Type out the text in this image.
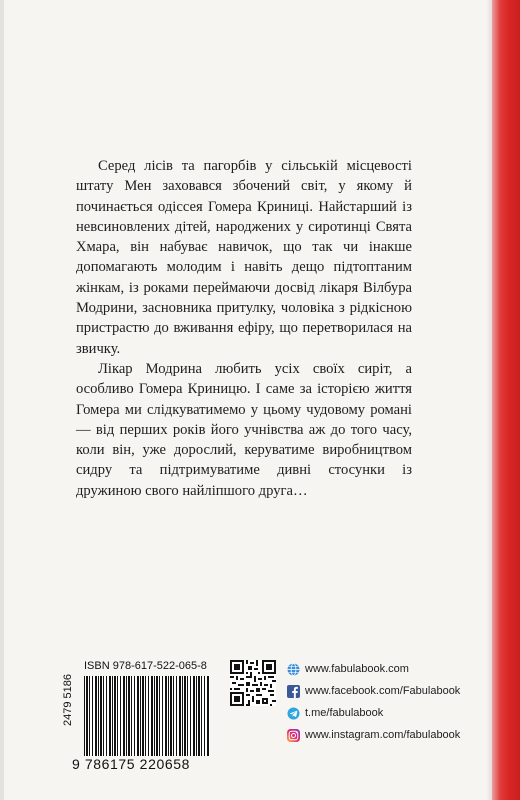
Серед лісів та пагорбів у сільській місцевості штату Мен заховався збочений світ, у якому й починається одіссея Гомера Криниці. Найстарший із невсиновлених дітей, народжених у сиротинці Свята Хмара, він набуває навичок, що так чи інакше допомагають молодим і навіть дещо підтоптаним жінкам, із роками переймаючи досвід лікаря Вілбура Модрини, засновника притулку, чоловіка з рідкісною пристрастю до вживання ефіру, що перетворилася на звичку.

Лікар Модрина любить усіх своїх сиріт, а особливо Гомера Криницю. І саме за історією життя Гомера ми слідкуватимемо у цьому чудовому романі — від перших років його учнівства аж до того часу, коли він, уже дорослий, керуватиме виробництвом сидру та підтримуватиме дивні стосунки із дружиною свого найліпшого друга…

2479 5186
ISBN 978-617-522-065-8
9 786175 220658
www.fabulabook.com
www.facebook.com/Fabulabook
t.me/fabulabook
www.instagram.com/fabulabook
